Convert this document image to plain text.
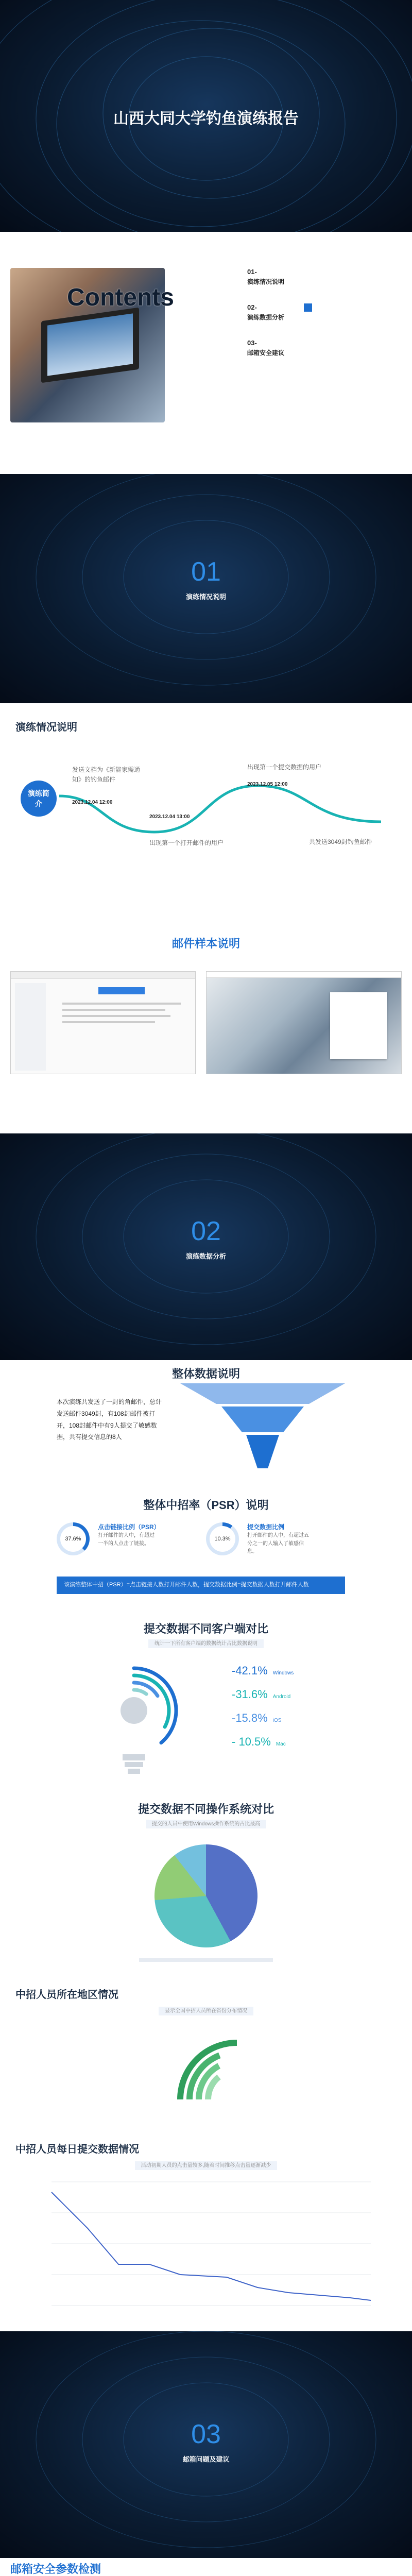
山西大同大学钓鱼演练报告
Contents
01-
演练情况说明
02-
演练数据分析
03-
邮箱安全建议
01
演练情况说明
演练情况说明
演练简介
发送文档为《新能家需通知》的钓鱼邮件
2023.12.04 12:00
2023.12.04 13:00
出现第一个打开邮件的用户
出现第一个提交数据的用户
2023.12.05 12:00
共发送3049封钓鱼邮件
邮件样本说明
02
演练数据分析
整体数据说明
本次演练共发送了一封的角邮件，总计发送邮件3049封，有108封邮件被打开，108封邮件中有9人提交了敏感数据，共有提交信息的8人
整体中招率（PSR）说明
37.6%
点击链接比例（PSR）
打开邮件的人中，有超过一半的人点击了链接。
10.3%
提交数据比例
打开邮件的人中，有超过五分之一的人输入了敏感信息。
该演练整体中招（PSR）=点击链接人数打开邮件人数，提交数据比例=提交数据人数打开邮件人数
提交数据不同客户端对比
统计一下所有客户端的数据统计占比数据说明
-42.1% Windows
-31.6% Android
-15.8% iOS
- 10.5% Mac
提交数据不同操作系统对比
提交的人员中使用Windows操作系统的占比最高
中招人员所在地区情况
显示全国中招人员所在省份分布情况
中招人员每日提交数据情况
活动初期人员的点击量较多,随着时间推移点击量逐渐减少
03
邮箱问题及建议
邮箱安全参数检测
